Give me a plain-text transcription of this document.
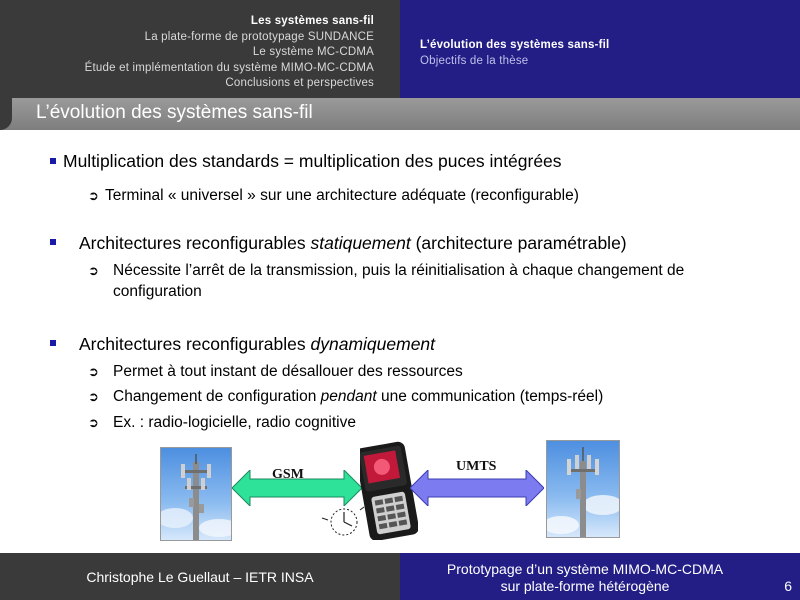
Les systèmes sans-fil
La plate-forme de prototypage SUNDANCE
Le système MC-CDMA
Étude et implémentation du système MIMO-MC-CDMA
Conclusions et perspectives
L’évolution des systèmes sans-fil
Objectifs de la thèse
L’évolution des systèmes sans-fil
Multiplication des standards = multiplication des puces intégrées
➲ Terminal « universel » sur une architecture adéquate (reconfigurable)
Architectures reconfigurables statiquement (architecture paramétrable)
➲ Nécessite l’arrêt de la transmission, puis la réinitialisation à chaque changement de
configuration
Architectures reconfigurables dynamiquement
➲ Permet à tout instant de désallouer des ressources
➲ Changement de configuration pendant une communication (temps-réel)
➲ Ex. : radio-logicielle, radio cognitive
GSM
UMTS
Christophe Le Guellaut – IETR INSA	Prototypage d’un système MIMO-MC-CDMA
sur plate-forme hétérogène	6
